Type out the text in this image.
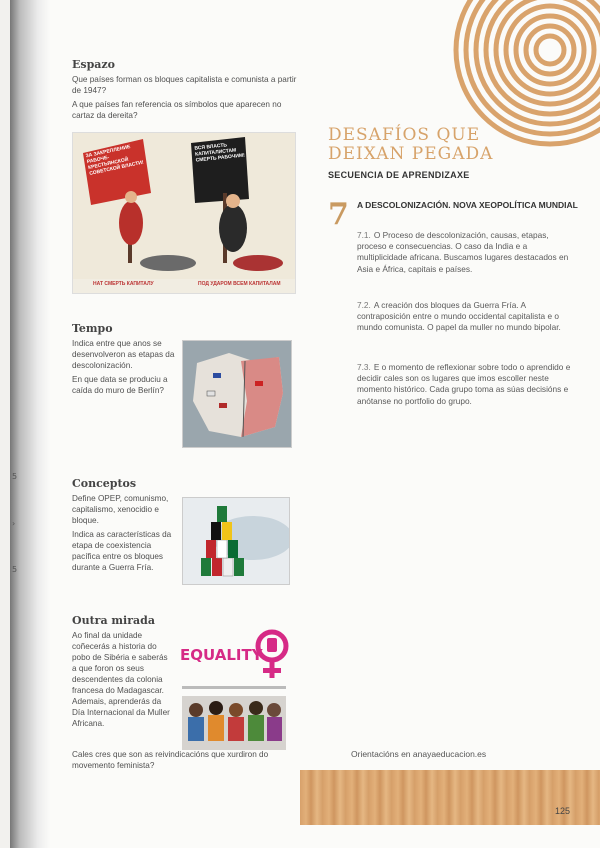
5
›
5
Espazo

Que países forman os bloques capitalista e comunista a partir de 1947?

A que países fan referencia os símbolos que aparecen no cartaz da dereita?

ЗА ЗАКРЕПЛЕНИЕ РАБОЧЕ-КРЕСТЬЯНСКОЙ СОВЕТСКОЙ ВЛАСТИ!
ВСЯ ВЛАСТЬ КАПИТАЛИСТАМ СМЕРТЬ РАБОЧИМ!
НАТ СМЕРТЬ КАПИТАЛУ	ПОД УДАРОМ ВСЕМ КАПИТАЛАМ
Tempo

Indica entre que anos se desenvolveron as etapas da descolonización.

En que data se produciu a caída do muro de Berlín?

Conceptos

Define OPEP, comunismo, capitalismo, xenocidio e bloque.

Indica as características da etapa de coexistencia pacífica entre os bloques durante a Guerra Fría.

Outra mirada

Ao final da unidade coñecerás a historia do pobo de Sibéria e saberás a que foron os seus descendentes da colonia francesa do Madagascar. Ademais, aprenderás da Día Internacional da Muller Africana.

Cales cres que son as reivindicacións que xurdiron do movemento feminista?

EQUALITY
DESAFÍOS QUE
DEIXAN PEGADA
SECUENCIA DE APRENDIZAXE
7 A DESCOLONIZACIÓN. NOVA XEOPOLÍTICA MUNDIAL
7.1. O Proceso de descolonización, causas, etapas, proceso e consecuencias. O caso da India e a multiplicidade africana. Buscamos lugares destacados en Asia e África, capitais e países.
7.2. A creación dos bloques da Guerra Fría. A contraposición entre o mundo occidental capitalista e o mundo comunista. O papel da muller no mundo bipolar.
7.3. E o momento de reflexionar sobre todo o aprendido e decidir cales son os lugares que imos escoller neste momento histórico. Cada grupo toma as súas decisións e anótanse no portfolio do grupo.
Orientacións en anayaeducacion.es
125
